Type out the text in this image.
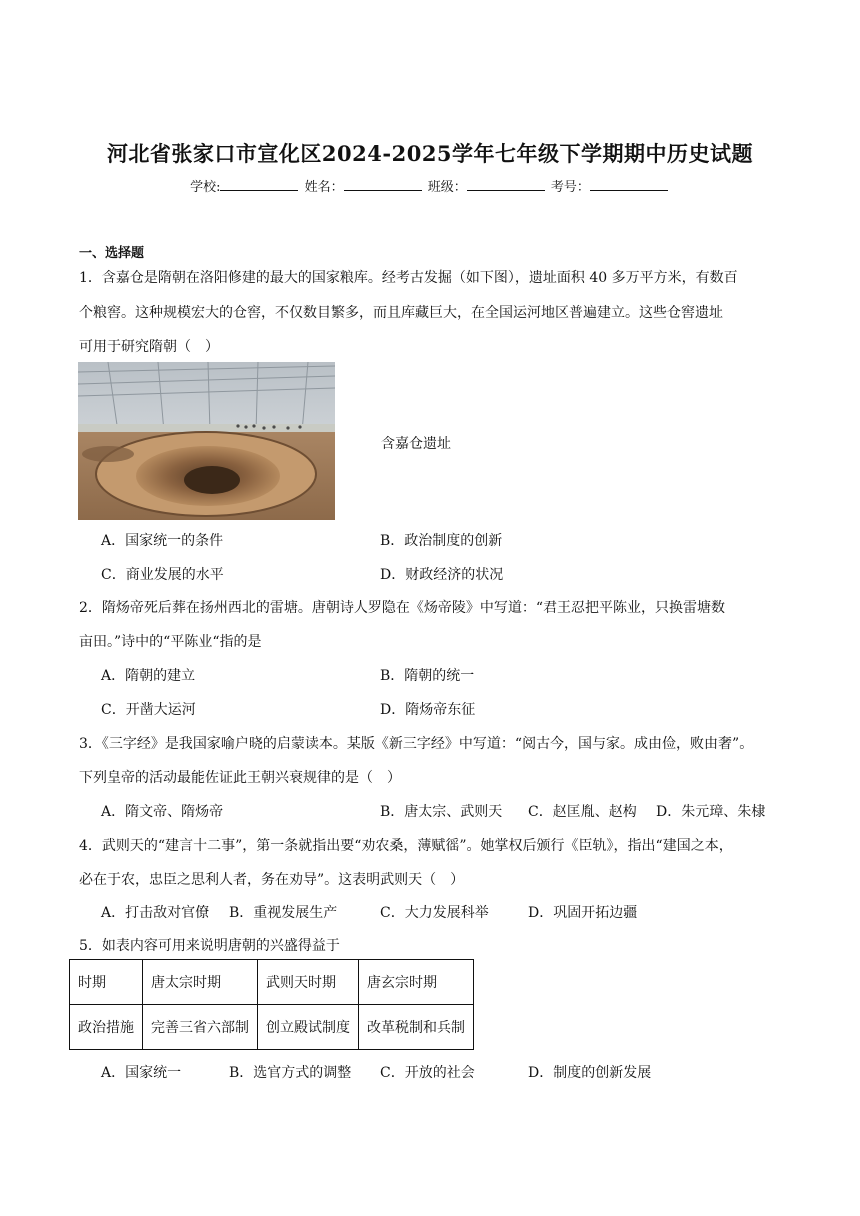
河北省张家口市宣化区2024-2025学年七年级下学期期中历史试题
学校:	姓名：	班级：	考号：
一、选择题
1．含嘉仓是隋朝在洛阳修建的最大的国家粮库。经考古发掘（如下图），遗址面积 40 多万平方米，有数百
个粮窖。这种规模宏大的仓窖，不仅数目繁多，而且库藏巨大，在全国运河地区普遍建立。这些仓窖遗址
可用于研究隋朝（　）
含嘉仓遗址
A．国家统一的条件	B．政治制度的创新
C．商业发展的水平	D．财政经济的状况
2．隋炀帝死后葬在扬州西北的雷塘。唐朝诗人罗隐在《炀帝陵》中写道：“君王忍把平陈业，只换雷塘数
亩田。”诗中的“平陈业“指的是
A．隋朝的建立	B．隋朝的统一
C．开凿大运河	D．隋炀帝东征
3．《三字经》是我国家喻户晓的启蒙读本。某版《新三字经》中写道：“阅古今，国与家。成由俭，败由奢”。
下列皇帝的活动最能佐证此王朝兴衰规律的是（　）
A．隋文帝、隋炀帝	B．唐太宗、武则天 C．赵匡胤、赵构 D．朱元璋、朱棣
4．武则天的“建言十二事”，第一条就指出要“劝农桑，薄赋徭”。她掌权后颁行《臣轨》，指出“建国之本，
必在于农，忠臣之思利人者，务在劝导”。这表明武则天（　）
A．打击敌对官僚 B．重视发展生产	C．大力发展科举	D．巩固开拓边疆
5．如表内容可用来说明唐朝的兴盛得益于
时期	唐太宗时期	武则天时期	唐玄宗时期
政治措施	完善三省六部制	创立殿试制度	改革税制和兵制
A．国家统一	B．选官方式的调整 C．开放的社会	D．制度的创新发展
